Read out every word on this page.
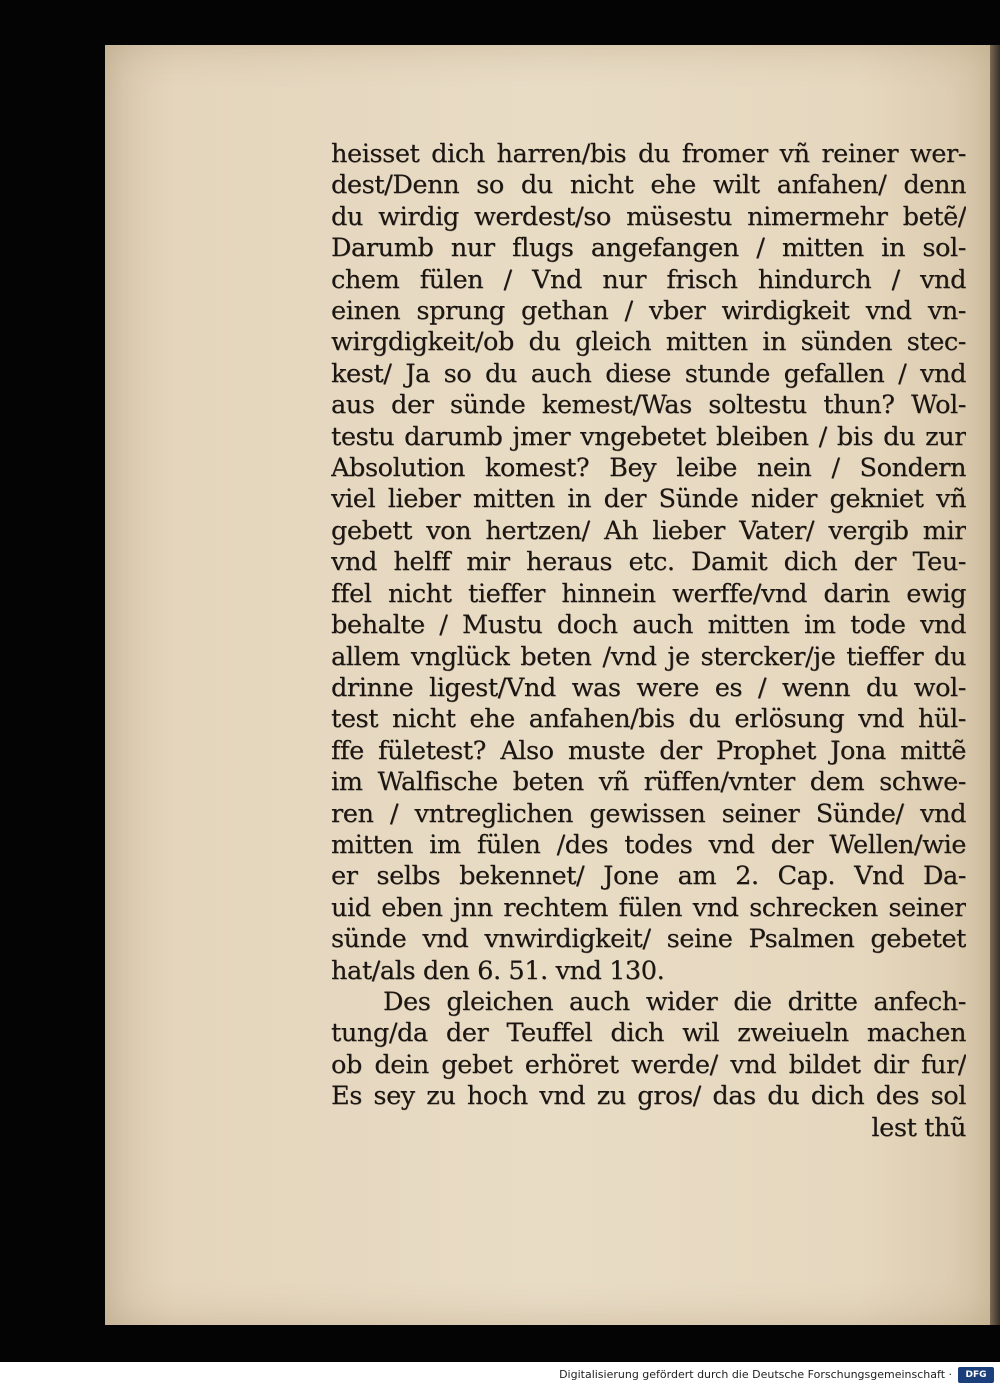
heisset dich harren/bis du fromer vñ reiner wer-
dest/Denn so du nicht ehe wilt anfahen/ denn
du wirdig werdest/so müsestu nimermehr betẽ/
Darumb nur flugs angefangen / mitten in sol-
chem fülen / Vnd nur frisch hindurch / vnd
einen sprung gethan / vber wirdigkeit vnd vn-
wirgdigkeit/ob du gleich mitten in sünden stec-
kest/ Ja so du auch diese stunde gefallen / vnd
aus der sünde kemest/Was soltestu thun? Wol-
testu darumb jmer vngebetet bleiben / bis du zur
Absolution komest? Bey leibe nein / Sondern
viel lieber mitten in der Sünde nider gekniet vñ
gebett von hertzen/ Ah lieber Vater/ vergib mir
vnd helff mir heraus etc. Damit dich der Teu-
ffel nicht tieffer hinnein werffe/vnd darin ewig
behalte / Mustu doch auch mitten im tode vnd
allem vnglück beten /vnd je stercker/je tieffer du
drinne ligest/Vnd was were es / wenn du wol-
test nicht ehe anfahen/bis du erlösung vnd hül-
ffe fületest? Also muste der Prophet Jona mittẽ
im Walfische beten vñ rüffen/vnter dem schwe-
ren / vntreglichen gewissen seiner Sünde/ vnd
mitten im fülen /des todes vnd der Wellen/wie
er selbs bekennet/ Jone am 2. Cap. Vnd Da-
uid eben jnn rechtem fülen vnd schrecken seiner
sünde vnd vnwirdigkeit/ seine Psalmen gebetet
hat/als den 6. 51. vnd 130.
Des gleichen auch wider die dritte anfech-
tung/da der Teuffel dich wil zweiueln machen
ob dein gebet erhöret werde/ vnd bildet dir fur/
Es sey zu hoch vnd zu gros/ das du dich des sol
lest thũ
Digitalisierung gefördert durch die Deutsche Forschungsgemeinschaft ·	DFG
